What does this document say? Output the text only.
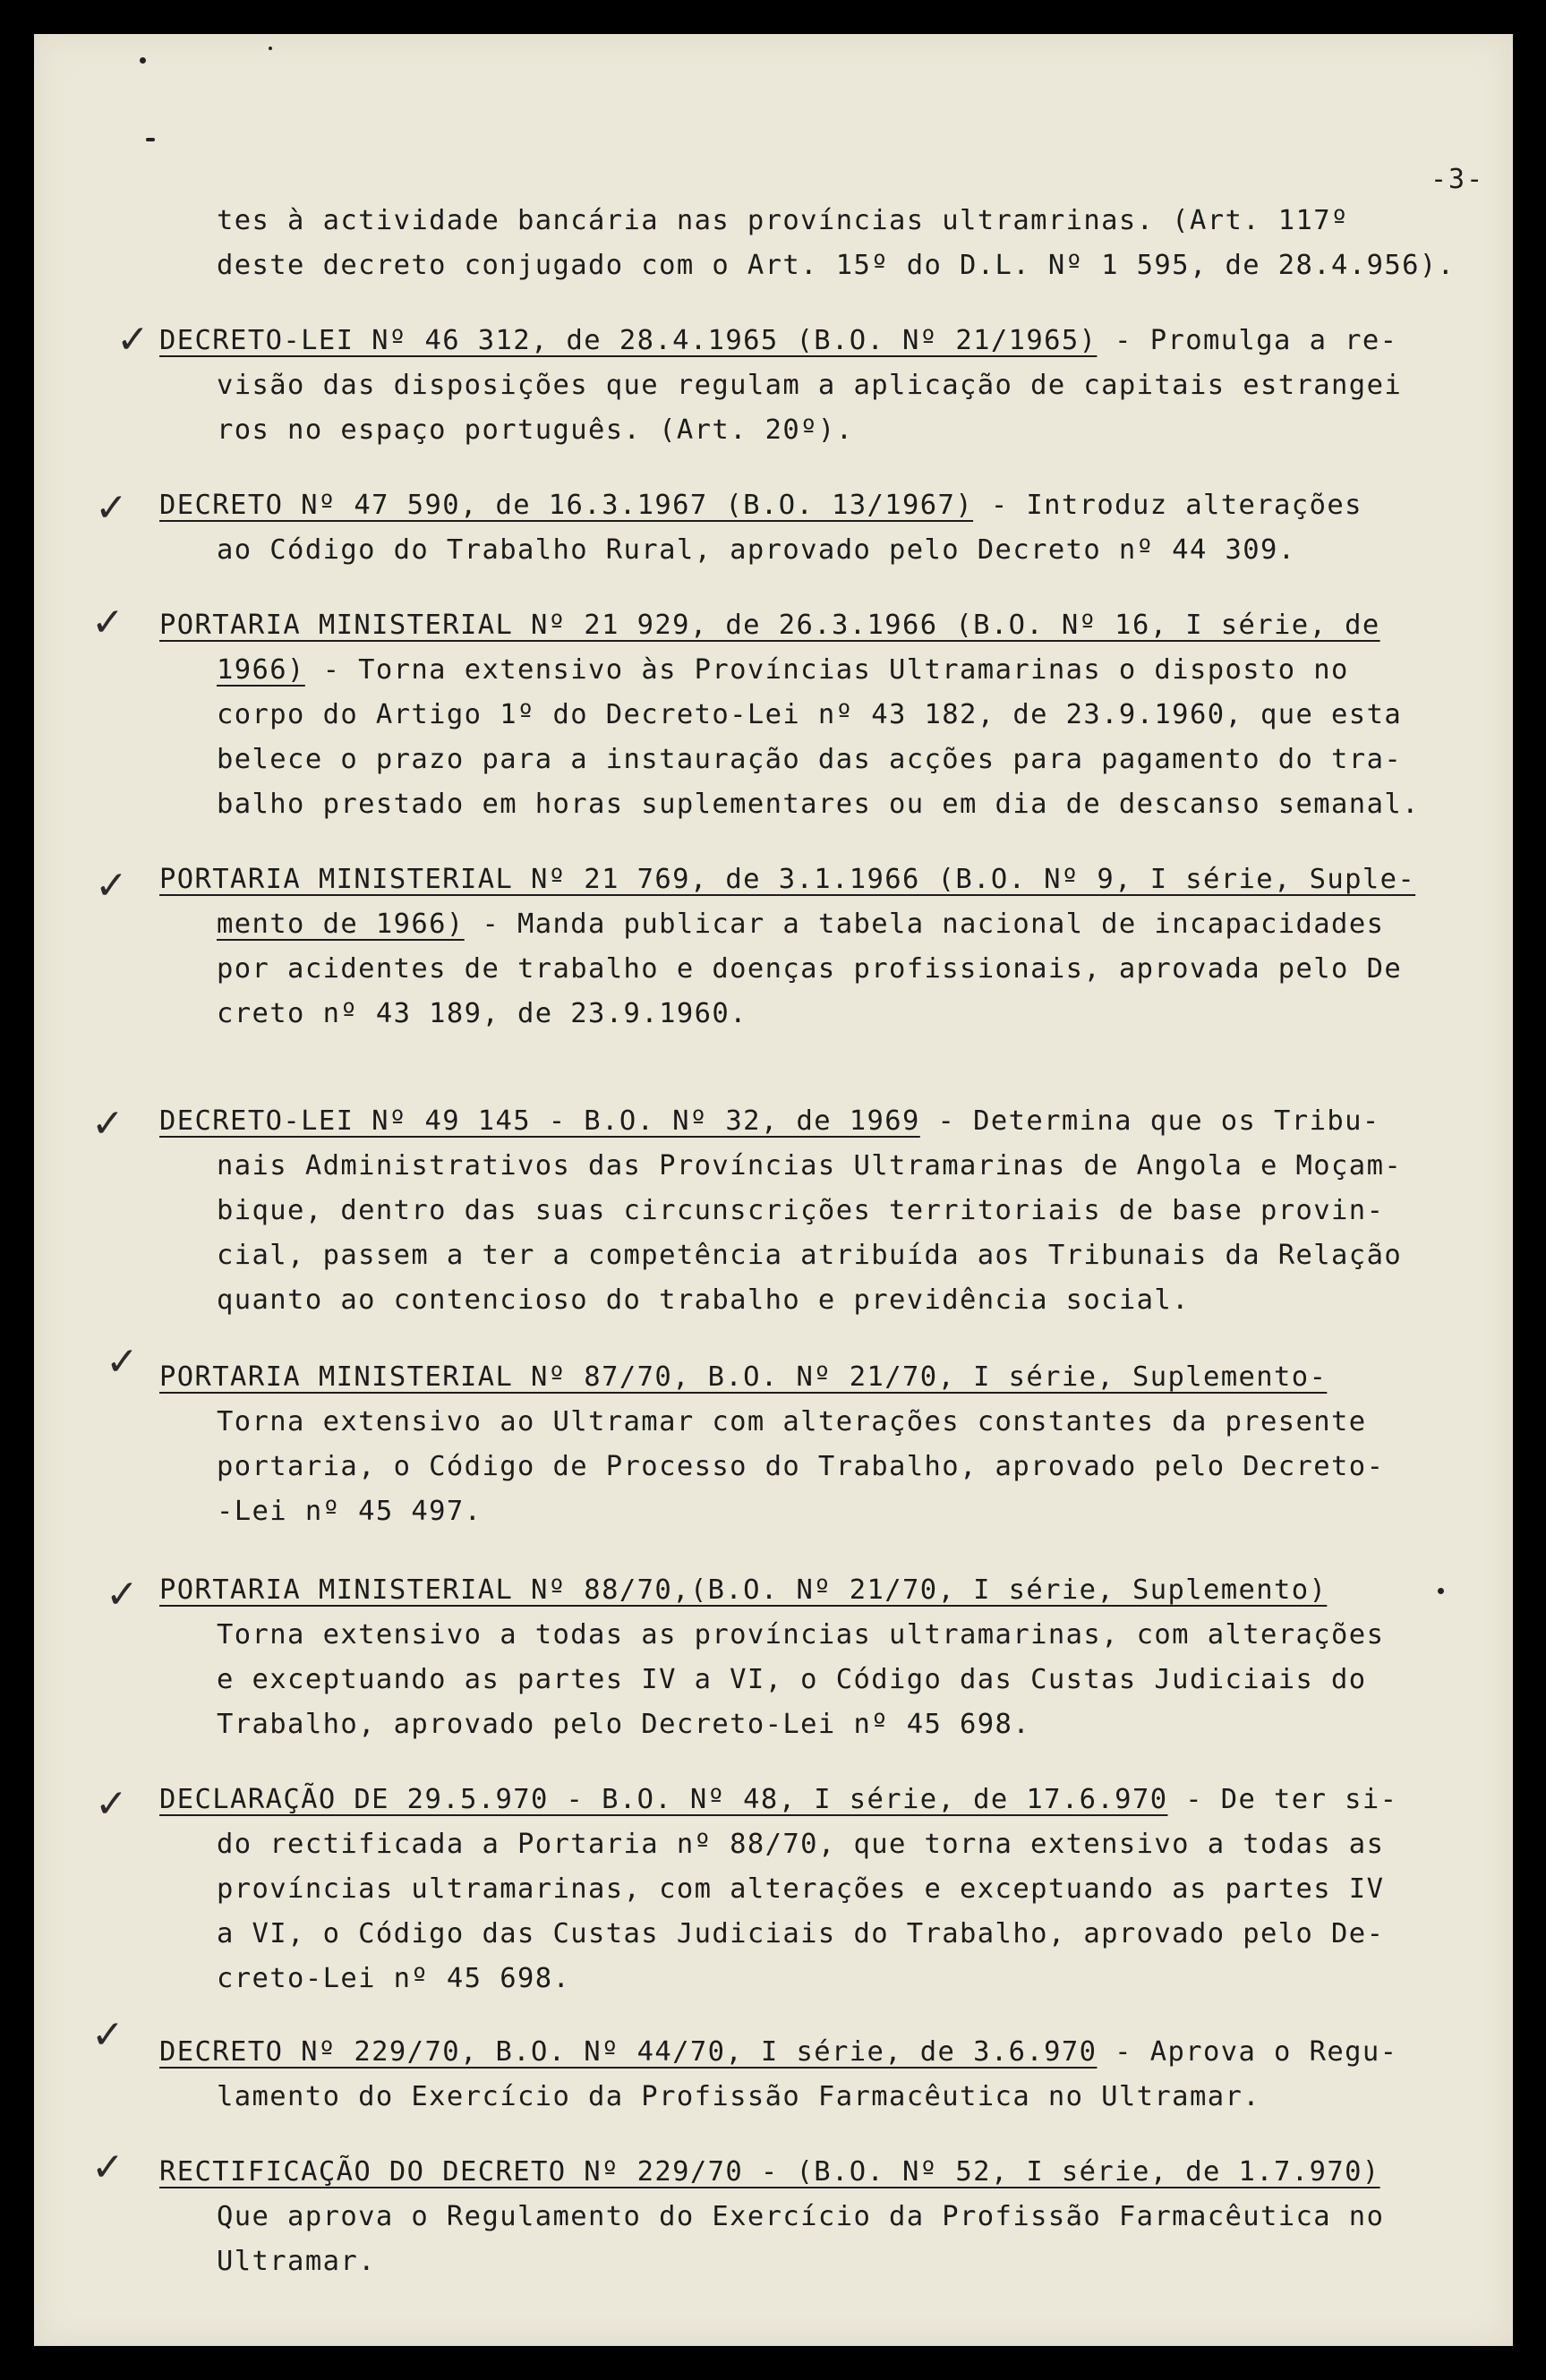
-3-
tes à actividade bancária nas províncias ultramrinas. (Art. 117º
deste decreto conjugado com o Art. 15º do D.L. Nº 1 595, de 28.4.956).
✓ DECRETO-LEI Nº 46 312, de 28.4.1965 (B.O. Nº 21/1965) - Promulga a re-
visão das disposições que regulam a aplicação de capitais estrangei
ros no espaço português. (Art. 20º).
✓ DECRETO Nº 47 590, de 16.3.1967 (B.O. 13/1967) - Introduz alterações
ao Código do Trabalho Rural, aprovado pelo Decreto nº 44 309.
✓ PORTARIA MINISTERIAL Nº 21 929, de 26.3.1966 (B.O. Nº 16, I série, de
1966) - Torna extensivo às Províncias Ultramarinas o disposto no
corpo do Artigo 1º do Decreto-Lei nº 43 182, de 23.9.1960, que esta
belece o prazo para a instauração das acções para pagamento do tra-
balho prestado em horas suplementares ou em dia de descanso semanal.
✓ PORTARIA MINISTERIAL Nº 21 769, de 3.1.1966 (B.O. Nº 9, I série, Suple-
mento de 1966) - Manda publicar a tabela nacional de incapacidades
por acidentes de trabalho e doenças profissionais, aprovada pelo De
creto nº 43 189, de 23.9.1960.
✓ DECRETO-LEI Nº 49 145 - B.O. Nº 32, de 1969 - Determina que os Tribu-
nais Administrativos das Províncias Ultramarinas de Angola e Moçam-
bique, dentro das suas circunscrições territoriais de base provin-
cial, passem a ter a competência atribuída aos Tribunais da Relação
quanto ao contencioso do trabalho e previdência social.
✓ PORTARIA MINISTERIAL Nº 87/70, B.O. Nº 21/70, I série, Suplemento-
Torna extensivo ao Ultramar com alterações constantes da presente
portaria, o Código de Processo do Trabalho, aprovado pelo Decreto-
-Lei nº 45 497.
✓ PORTARIA MINISTERIAL Nº 88/70,(B.O. Nº 21/70, I série, Suplemento)
Torna extensivo a todas as províncias ultramarinas, com alterações
e exceptuando as partes IV a VI, o Código das Custas Judiciais do
Trabalho, aprovado pelo Decreto-Lei nº 45 698.
✓ DECLARAÇÃO DE 29.5.970 - B.O. Nº 48, I série, de 17.6.970 - De ter si-
do rectificada a Portaria nº 88/70, que torna extensivo a todas as
províncias ultramarinas, com alterações e exceptuando as partes IV
a VI, o Código das Custas Judiciais do Trabalho, aprovado pelo De-
creto-Lei nº 45 698.
✓ DECRETO Nº 229/70, B.O. Nº 44/70, I série, de 3.6.970 - Aprova o Regu-
lamento do Exercício da Profissão Farmacêutica no Ultramar.
✓ RECTIFICAÇÃO DO DECRETO Nº 229/70 - (B.O. Nº 52, I série, de 1.7.970)
Que aprova o Regulamento do Exercício da Profissão Farmacêutica no
Ultramar.
